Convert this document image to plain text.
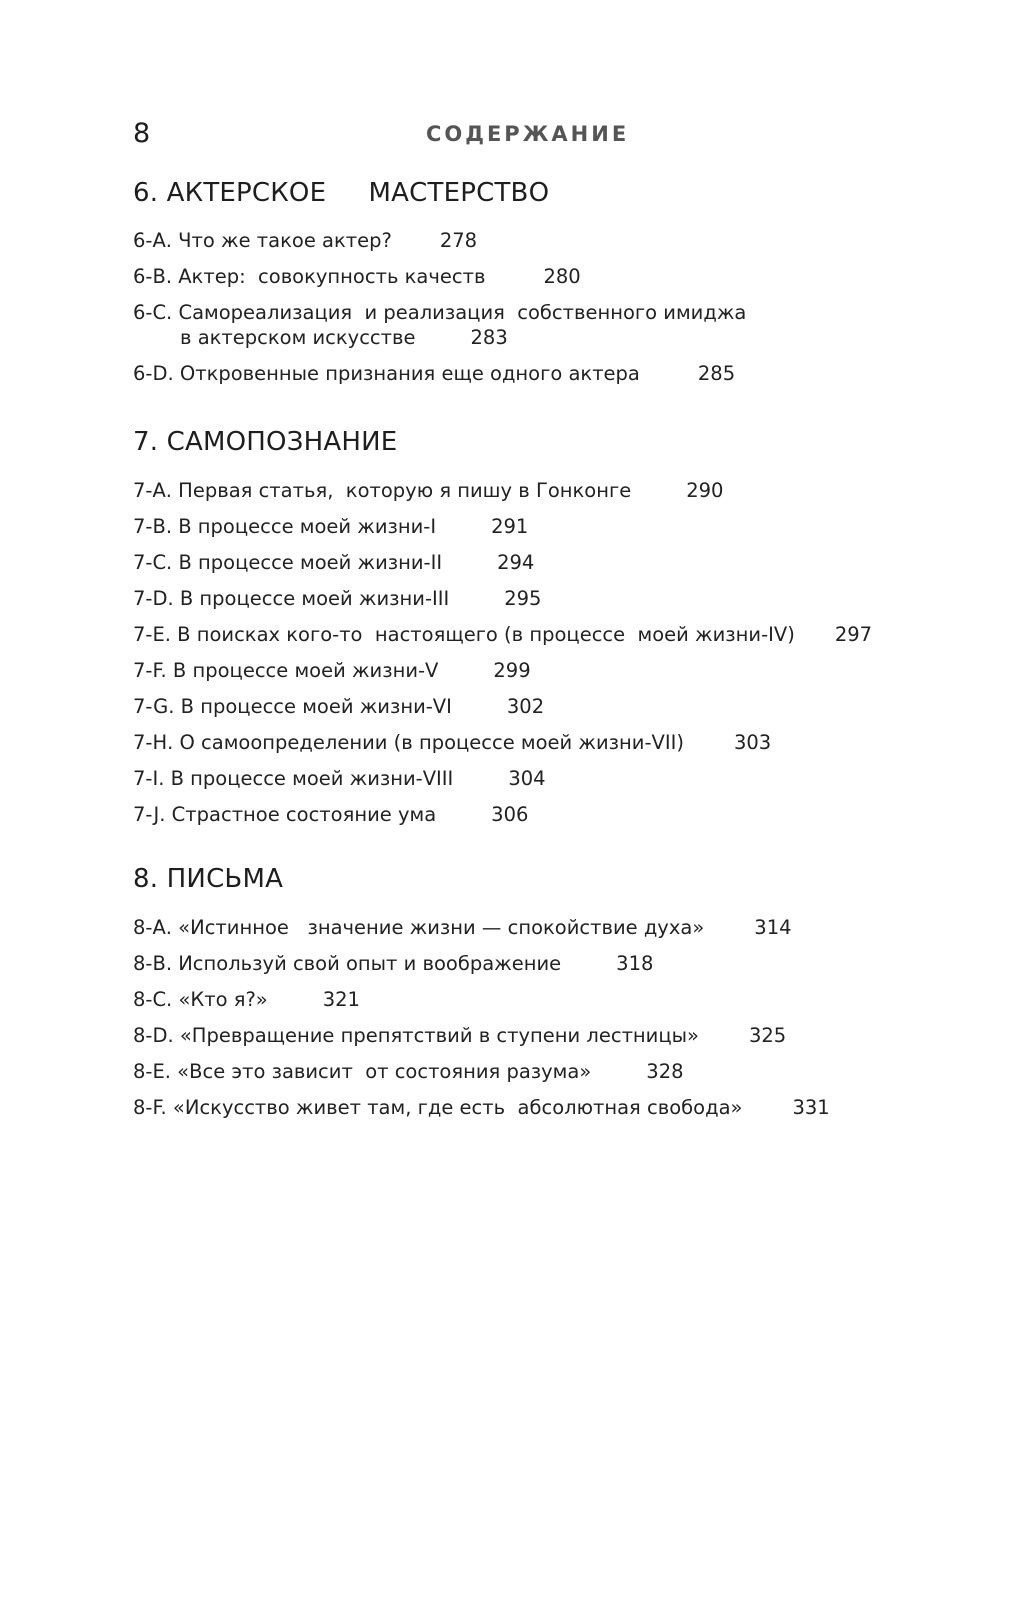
8	СОДЕРЖАНИЕ
6. АКТЕРСКОЕ     МАСТЕРСТВО
6-А. Что же такое актер? 278
6-В. Актер:  совокупность качеств	280
6-С. Самореализация  и реализация  собственного имиджа
в актерском искусстве	283
6-D. Откровенные признания еще одного актера	285
7. САМОПОЗНАНИЕ
7-А. Первая статья,  которую я пишу в Гонконге	290
7-В. В процессе моей жизни-I	291
7-С. В процессе моей жизни-II	294
7-D. В процессе моей жизни-III	295
7-Е. В поисках кого-то  настоящего (в процессе  моей жизни-IV) 297
7-F. В процессе моей жизни-V	299
7-G. В процессе моей жизни-VI	302
7-Н. О самоопределении (в процессе моей жизни-VII)	303
7-I. В процессе моей жизни-VIII	304
7-J. Страстное состояние ума	306
8. ПИСЬМА
8-А. «Истинное   значение жизни — спокойствие духа»	314
8-В. Используй свой опыт и воображение	318
8-С. «Кто я?»	321
8-D. «Превращение препятствий в ступени лестницы»	325
8-Е. «Все это зависит  от состояния разума»	328
8-F. «Искусство живет там, где есть  абсолютная свобода»	331
